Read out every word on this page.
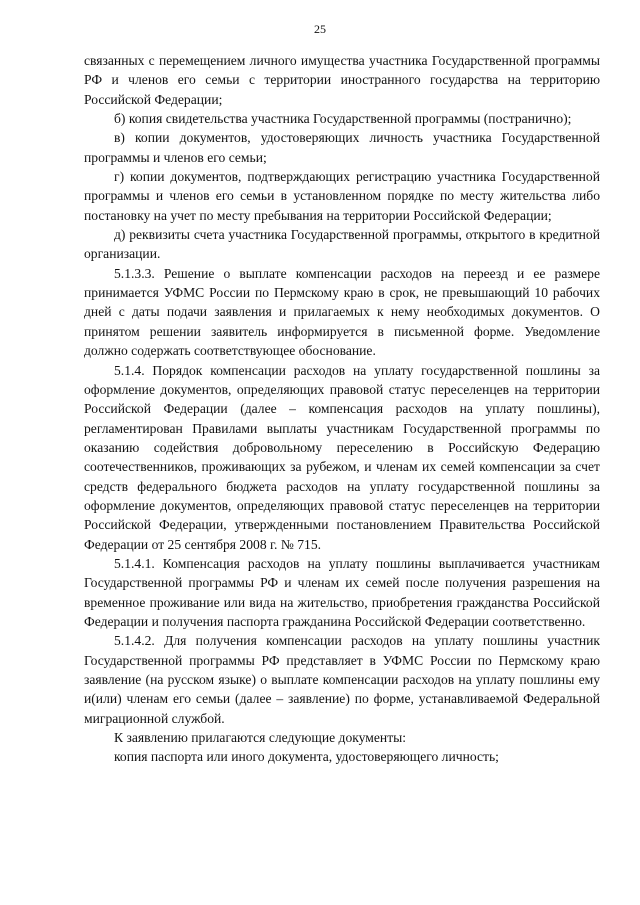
25

связанных с перемещением личного имущества участника Государственной программы РФ и членов его семьи с территории иностранного государства на территорию Российской Федерации;

б) копия свидетельства участника Государственной программы (постранично);

в) копии документов, удостоверяющих личность участника Государственной программы и членов его семьи;

г) копии документов, подтверждающих регистрацию участника Государственной программы и членов его семьи в установленном порядке по месту жительства либо постановку на учет по месту пребывания на территории Российской Федерации;

д) реквизиты счета участника Государственной программы, открытого в кредитной организации.

5.1.3.3. Решение о выплате компенсации расходов на переезд и ее размере принимается УФМС России по Пермскому краю в срок, не превышающий 10 рабочих дней с даты подачи заявления и прилагаемых к нему необходимых документов. О принятом решении заявитель информируется в письменной форме. Уведомление должно содержать соответствующее обоснование.

5.1.4. Порядок компенсации расходов на уплату государственной пошлины за оформление документов, определяющих правовой статус переселенцев на территории Российской Федерации (далее – компенсация расходов на уплату пошлины), регламентирован Правилами выплаты участникам Государственной программы по оказанию содействия добровольному переселению в Российскую Федерацию соотечественников, проживающих за рубежом, и членам их семей компенсации за счет средств федерального бюджета расходов на уплату государственной пошлины за оформление документов, определяющих правовой статус переселенцев на территории Российской Федерации, утвержденными постановлением Правительства Российской Федерации от 25 сентября 2008 г. № 715.

5.1.4.1. Компенсация расходов на уплату пошлины выплачивается участникам Государственной программы РФ и членам их семей после получения разрешения на временное проживание или вида на жительство, приобретения гражданства Российской Федерации и получения паспорта гражданина Российской Федерации соответственно.

5.1.4.2. Для получения компенсации расходов на уплату пошлины участник Государственной программы РФ представляет в УФМС России по Пермскому краю заявление (на русском языке) о выплате компенсации расходов на уплату пошлины ему и(или) членам его семьи (далее – заявление) по форме, устанавливаемой Федеральной миграционной службой.

К заявлению прилагаются следующие документы:

копия паспорта или иного документа, удостоверяющего личность;
